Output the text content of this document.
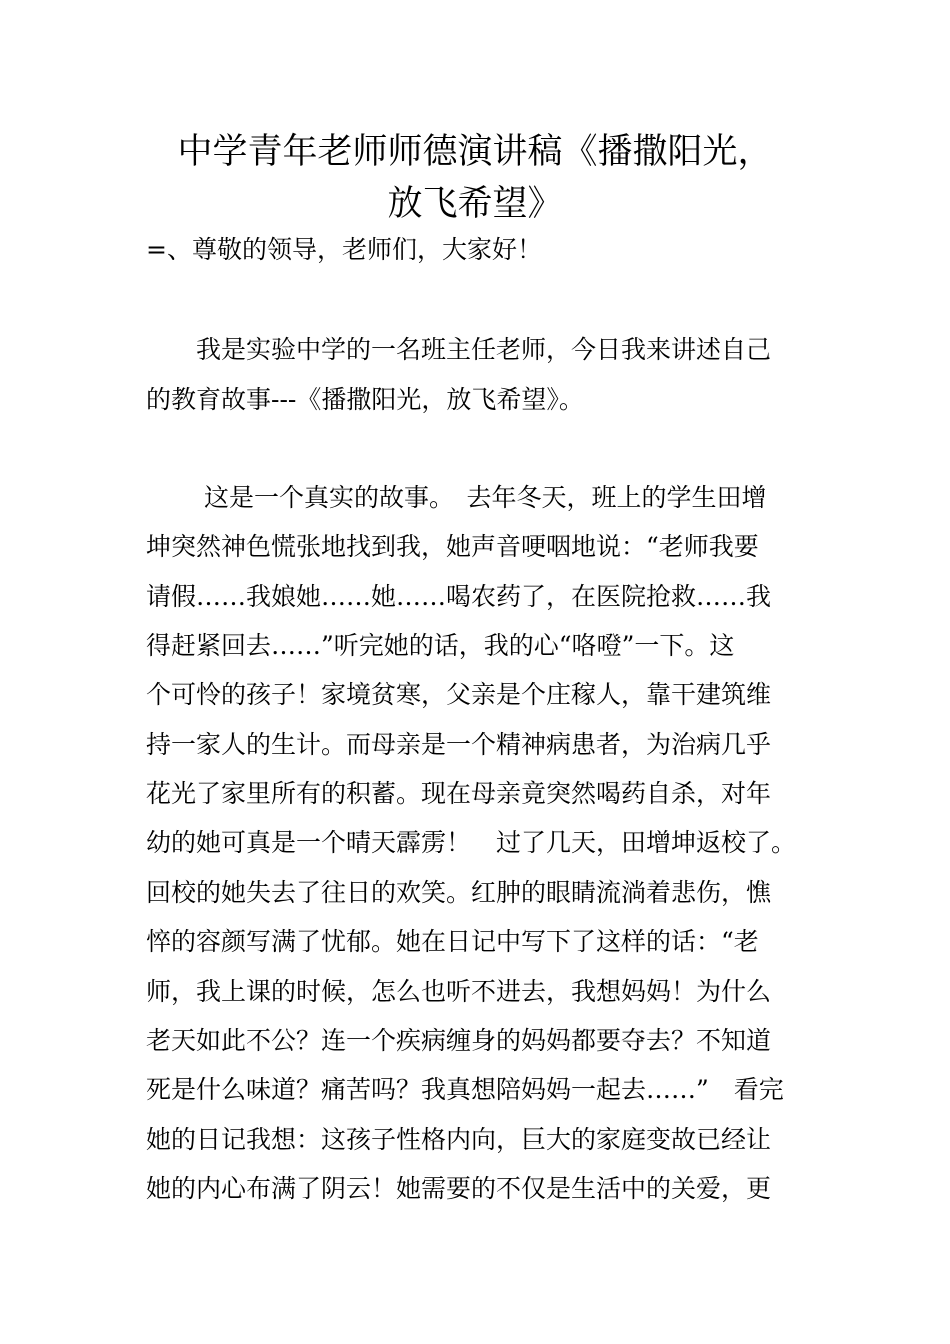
中学青年老师师德演讲稿《播撒阳光，
放飞希望》

=、尊敬的领导，老师们，大家好！

　　我是实验中学的一名班主任老师，今日我来讲述自己

的教育故事---《播撒阳光，放飞希望》。

　　 这是一个真实的故事。　去年冬天，班上的学生田增

坤突然神色慌张地找到我，她声音哽咽地说：“老师我要

请假……我娘她……她……喝农药了，在医院抢救……我

得赶紧回去……”听完她的话，我的心“咯噔”一下。这

个可怜的孩子！家境贫寒，父亲是个庄稼人，靠干建筑维

持一家人的生计。而母亲是一个精神病患者，为治病几乎

花光了家里所有的积蓄。现在母亲竟突然喝药自杀，对年

幼的她可真是一个晴天霹雳！　过了几天，田增坤返校了。

回校的她失去了往日的欢笑。红肿的眼睛流淌着悲伤，憔

悴的容颜写满了忧郁。她在日记中写下了这样的话：“老

师，我上课的时候，怎么也听不进去，我想妈妈！为什么

老天如此不公？连一个疾病缠身的妈妈都要夺去？不知道

死是什么味道？痛苦吗？我真想陪妈妈一起去……”　看完

她的日记我想：这孩子性格内向，巨大的家庭变故已经让

她的内心布满了阴云！她需要的不仅是生活中的关爱，更
